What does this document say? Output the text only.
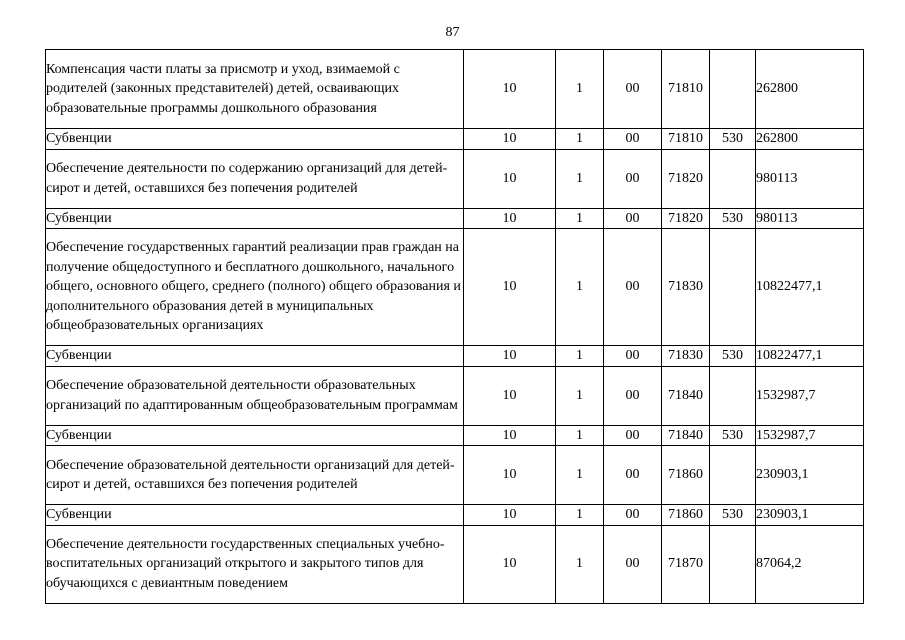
87
Компенсация части платы за присмотр и уход, взимаемой с родителей (законных представителей) детей, осваивающих образовательные программы дошкольного образования	10	1	00	71810		262800
Субвенции	10	1	00	71810	530	262800
Обеспечение деятельности по содержанию организаций для детей-сирот и детей, оставшихся без попечения родителей	10	1	00	71820		980113
Субвенции	10	1	00	71820	530	980113
Обеспечение государственных гарантий реализации прав граждан на получение общедоступного и бесплатного дошкольного, начального общего, основного общего, среднего (полного) общего образования и дополнительного образования детей в муниципальных общеобразовательных организациях	10	1	00	71830		10822477,1
Субвенции	10	1	00	71830	530	10822477,1
Обеспечение образовательной деятельности образовательных организаций по адаптированным общеобразовательным программам	10	1	00	71840		1532987,7
Субвенции	10	1	00	71840	530	1532987,7
Обеспечение образовательной деятельности организаций для детей-сирот и детей, оставшихся без попечения родителей	10	1	00	71860		230903,1
Субвенции	10	1	00	71860	530	230903,1
Обеспечение деятельности государственных специальных учебно-воспитательных организаций открытого и закрытого типов для обучающихся с девиантным поведением	10	1	00	71870		87064,2
